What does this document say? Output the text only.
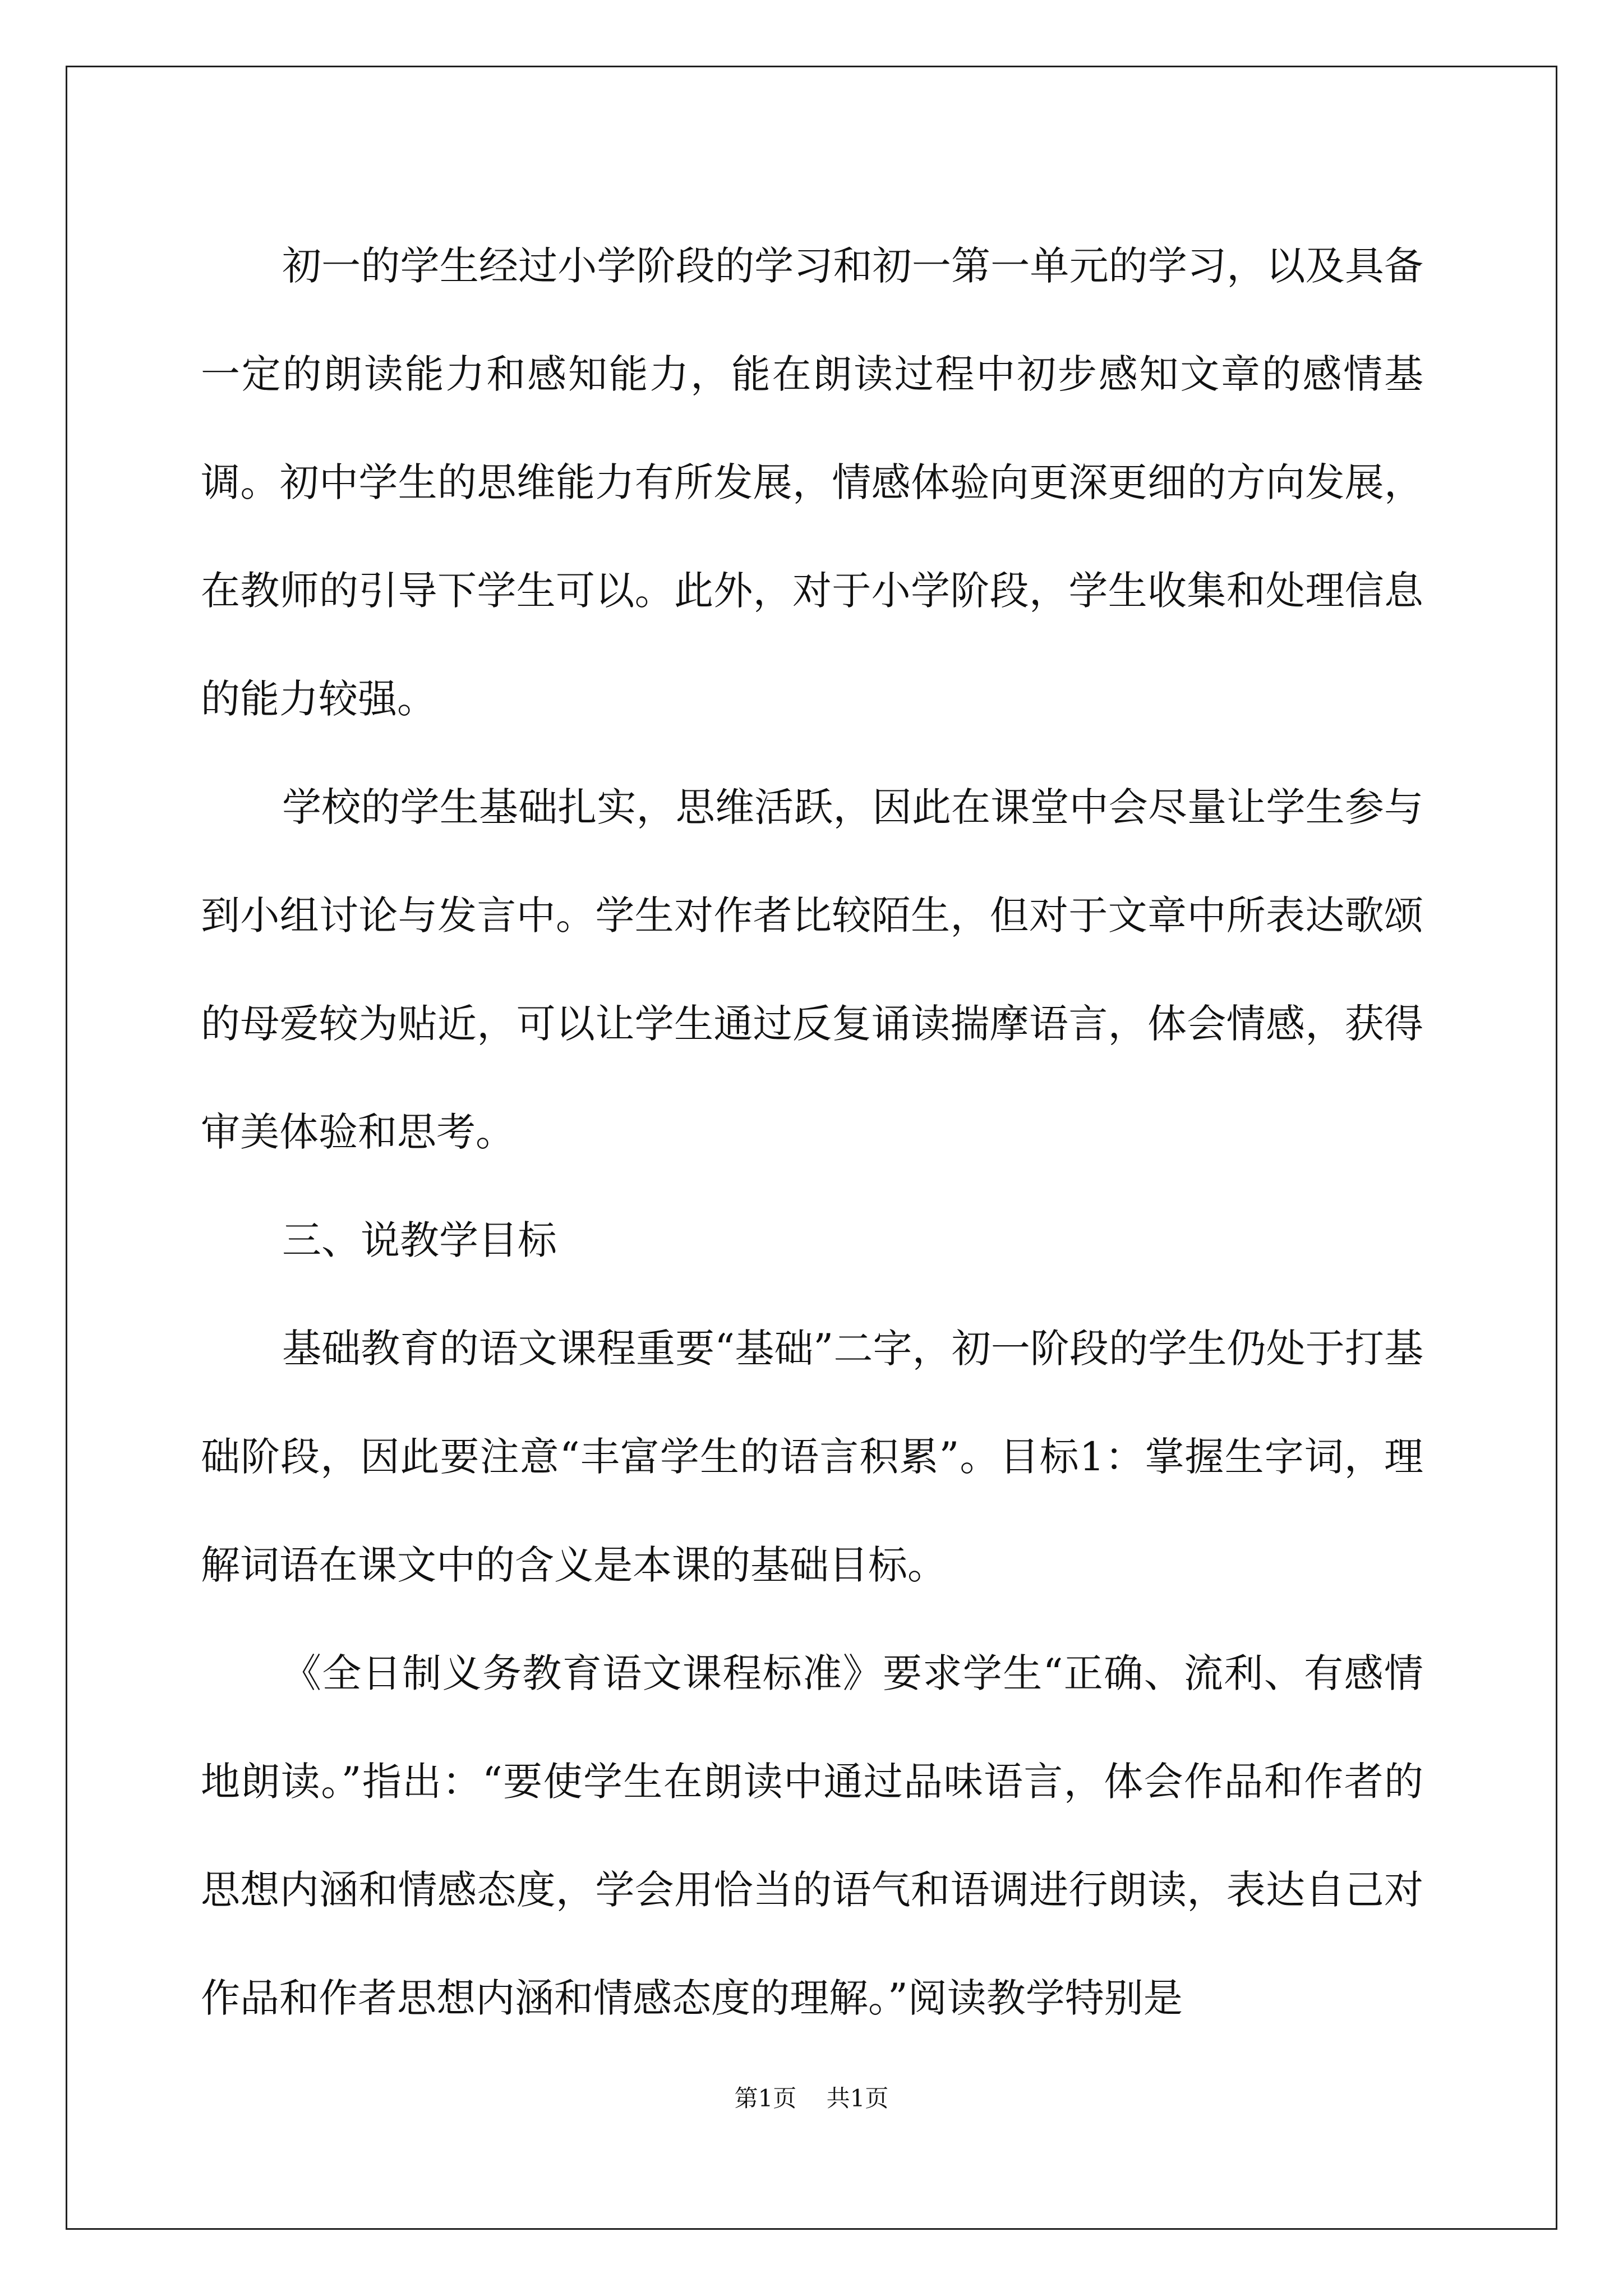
初一的学生经过小学阶段的学习和初一第一单元的学习，以及具备一定的朗读能力和感知能力，能在朗读过程中初步感知文章的感情基调。初中学生的思维能力有所发展，情感体验向更深更细的方向发展，在教师的引导下学生可以。此外，对于小学阶段，学生收集和处理信息的能力较强。

学校的学生基础扎实，思维活跃，因此在课堂中会尽量让学生参与到小组讨论与发言中。学生对作者比较陌生，但对于文章中所表达歌颂的母爱较为贴近，可以让学生通过反复诵读揣摩语言，体会情感，获得审美体验和思考。

三、说教学目标

基础教育的语文课程重要“基础”二字，初一阶段的学生仍处于打基础阶段，因此要注意“丰富学生的语言积累”。目标1：掌握生字词，理解词语在课文中的含义是本课的基础目标。

《全日制义务教育语文课程标准》要求学生“正确、流利、有感情地朗读。”指出：“要使学生在朗读中通过品味语言，体会作品和作者的思想内涵和情感态度，学会用恰当的语气和语调进行朗读，表达自己对作品和作者思想内涵和情感态度的理解。”阅读教学特别是

第1页 共1页
